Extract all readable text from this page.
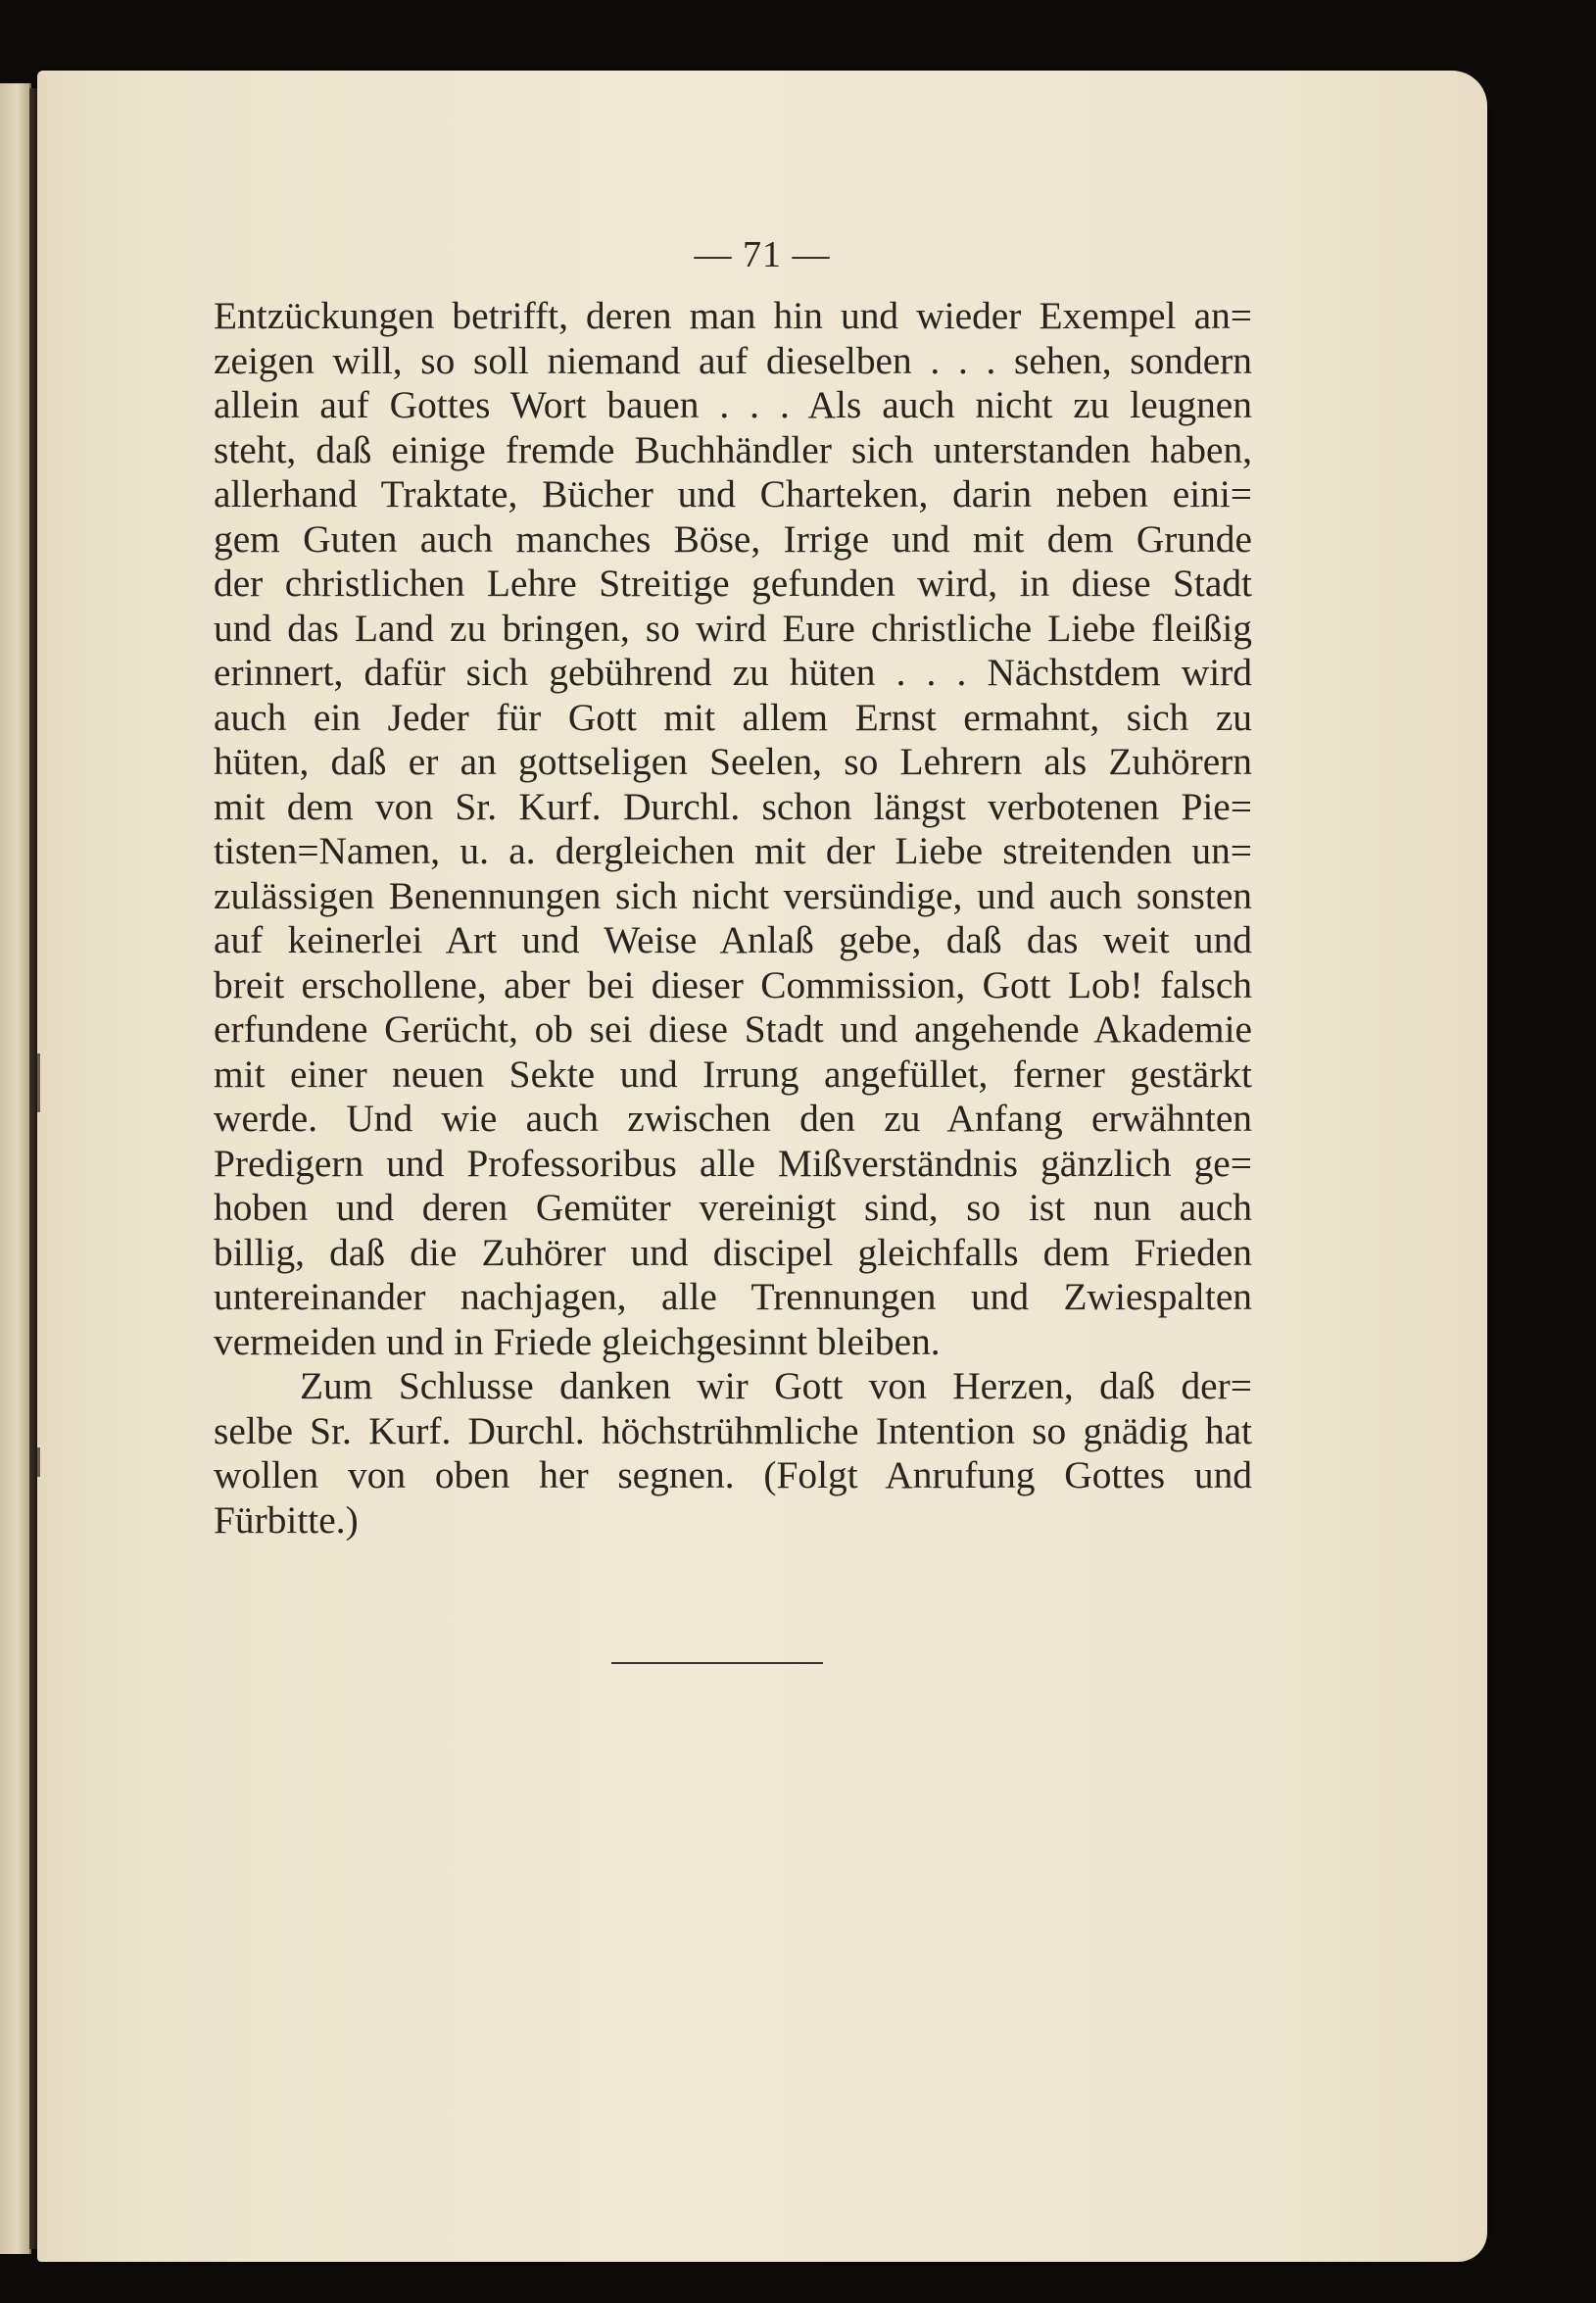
— 71 —
Entzückungen betrifft, deren man hin und wieder Exempel an=
zeigen will, so soll niemand auf dieselben . . . sehen, sondern
allein auf Gottes Wort bauen . . . Als auch nicht zu leugnen
steht, daß einige fremde Buchhändler sich unterstanden haben,
allerhand Traktate, Bücher und Charteken, darin neben eini=
gem Guten auch manches Böse, Irrige und mit dem Grunde
der christlichen Lehre Streitige gefunden wird, in diese Stadt
und das Land zu bringen, so wird Eure christliche Liebe fleißig
erinnert, dafür sich gebührend zu hüten . . . Nächstdem wird
auch ein Jeder für Gott mit allem Ernst ermahnt, sich zu
hüten, daß er an gottseligen Seelen, so Lehrern als Zuhörern
mit dem von Sr. Kurf. Durchl. schon längst verbotenen Pie=
tisten=Namen, u. a. dergleichen mit der Liebe streitenden un=
zulässigen Benennungen sich nicht versündige, und auch sonsten
auf keinerlei Art und Weise Anlaß gebe, daß das weit und
breit erschollene, aber bei dieser Commission, Gott Lob! falsch
erfundene Gerücht, ob sei diese Stadt und angehende Akademie
mit einer neuen Sekte und Irrung angefüllet, ferner gestärkt
werde. Und wie auch zwischen den zu Anfang erwähnten
Predigern und Professoribus alle Mißverständnis gänzlich ge=
hoben und deren Gemüter vereinigt sind, so ist nun auch
billig, daß die Zuhörer und discipel gleichfalls dem Frieden
untereinander nachjagen, alle Trennungen und Zwiespalten
vermeiden und in Friede gleichgesinnt bleiben.
Zum Schlusse danken wir Gott von Herzen, daß der=
selbe Sr. Kurf. Durchl. höchstrühmliche Intention so gnädig hat
wollen von oben her segnen. (Folgt Anrufung Gottes und
Fürbitte.)
